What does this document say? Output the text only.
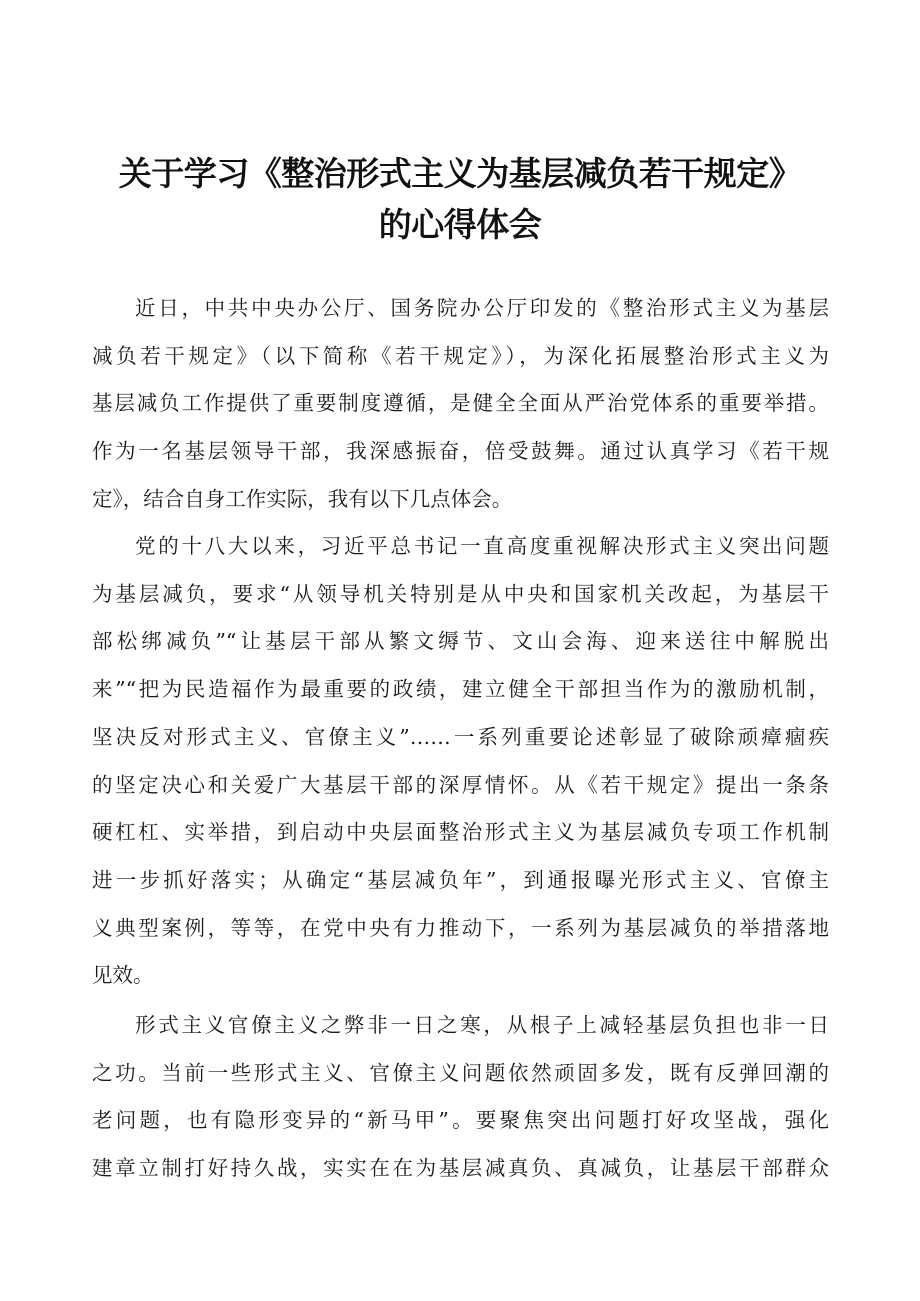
关于学习《整治形式主义为基层减负若干规定》
的心得体会
近日，中共中央办公厅、国务院办公厅印发的《整治形式主义为基层
减负若干规定》（以下简称《若干规定》），为深化拓展整治形式主义为
基层减负工作提供了重要制度遵循，是健全全面从严治党体系的重要举措。
作为一名基层领导干部，我深感振奋，倍受鼓舞。通过认真学习《若干规
定》，结合自身工作实际，我有以下几点体会。
党的十八大以来，习近平总书记一直高度重视解决形式主义突出问题
为基层减负，要求“从领导机关特别是从中央和国家机关改起，为基层干
部松绑减负”“让基层干部从繁文缛节、文山会海、迎来送往中解脱出
来”“把为民造福作为最重要的政绩，建立健全干部担当作为的激励机制，
坚决反对形式主义、官僚主义”……一系列重要论述彰显了破除顽瘴痼疾
的坚定决心和关爱广大基层干部的深厚情怀。从《若干规定》提出一条条
硬杠杠、实举措，到启动中央层面整治形式主义为基层减负专项工作机制
进一步抓好落实；从确定“基层减负年”，到通报曝光形式主义、官僚主
义典型案例，等等，在党中央有力推动下，一系列为基层减负的举措落地
见效。
形式主义官僚主义之弊非一日之寒，从根子上减轻基层负担也非一日
之功。当前一些形式主义、官僚主义问题依然顽固多发，既有反弹回潮的
老问题，也有隐形变异的“新马甲”。要聚焦突出问题打好攻坚战，强化
建章立制打好持久战，实实在在为基层减真负、真减负，让基层干部群众
